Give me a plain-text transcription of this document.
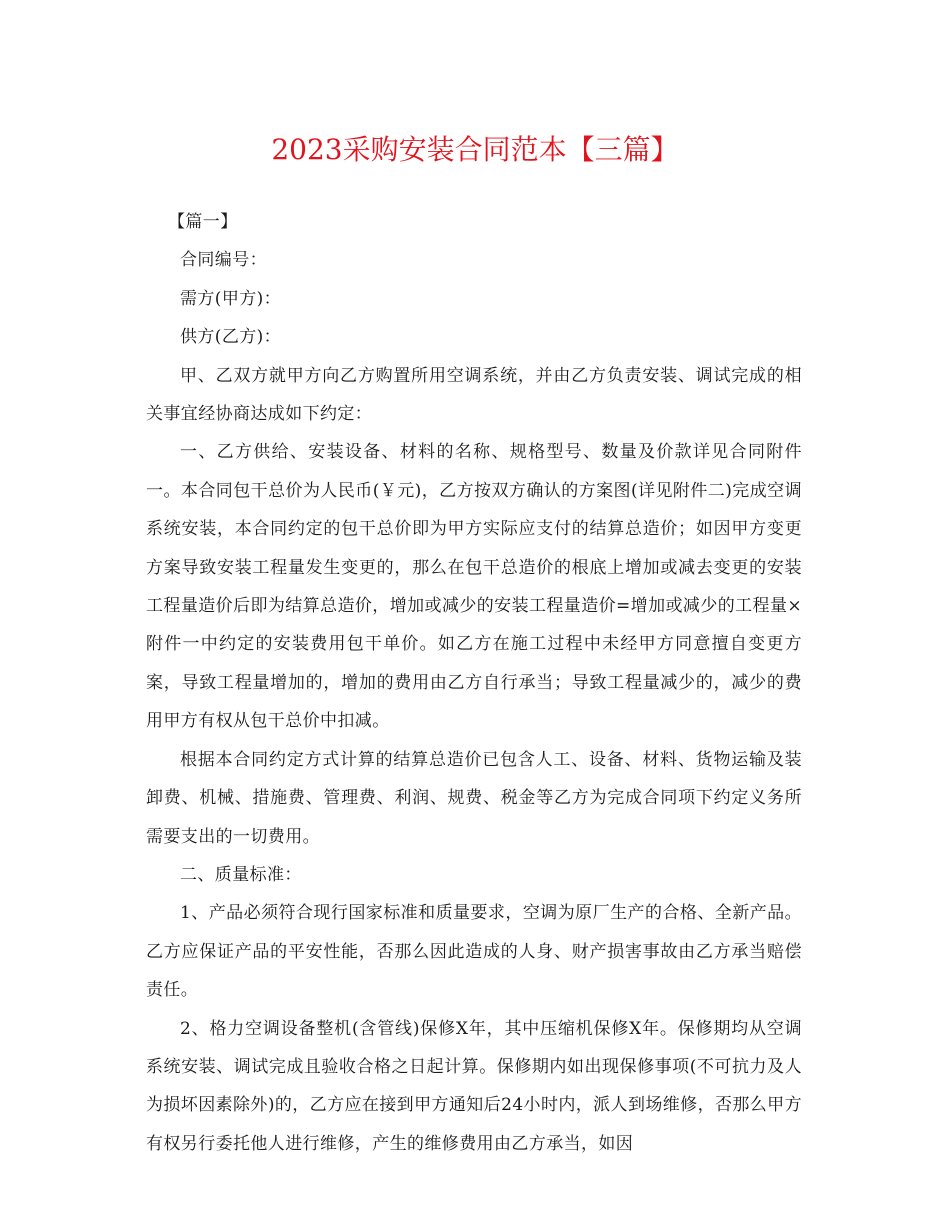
2023采购安装合同范本【三篇】

【篇一】

合同编号：

需方(甲方)：

供方(乙方)：

甲、乙双方就甲方向乙方购置所用空调系统，并由乙方负责安装、调试完成的相关事宜经协商达成如下约定：

一、乙方供给、安装设备、材料的名称、规格型号、数量及价款详见合同附件一。本合同包干总价为人民币(￥元)，乙方按双方确认的方案图(详见附件二)完成空调系统安装，本合同约定的包干总价即为甲方实际应支付的结算总造价；如因甲方变更方案导致安装工程量发生变更的，那么在包干总造价的根底上增加或减去变更的安装工程量造价后即为结算总造价，增加或减少的安装工程量造价=增加或减少的工程量×附件一中约定的安装费用包干单价。如乙方在施工过程中未经甲方同意擅自变更方案，导致工程量增加的，增加的费用由乙方自行承当；导致工程量减少的，减少的费用甲方有权从包干总价中扣减。

根据本合同约定方式计算的结算总造价已包含人工、设备、材料、货物运输及装卸费、机械、措施费、管理费、利润、规费、税金等乙方为完成合同项下约定义务所需要支出的一切费用。

二、质量标准：

1、产品必须符合现行国家标准和质量要求，空调为原厂生产的合格、全新产品。乙方应保证产品的平安性能，否那么因此造成的人身、财产损害事故由乙方承当赔偿责任。

2、格力空调设备整机(含管线)保修X年，其中压缩机保修X年。保修期均从空调系统安装、调试完成且验收合格之日起计算。保修期内如出现保修事项(不可抗力及人为损坏因素除外)的，乙方应在接到甲方通知后24小时内，派人到场维修，否那么甲方有权另行委托他人进行维修，产生的维修费用由乙方承当，如因
